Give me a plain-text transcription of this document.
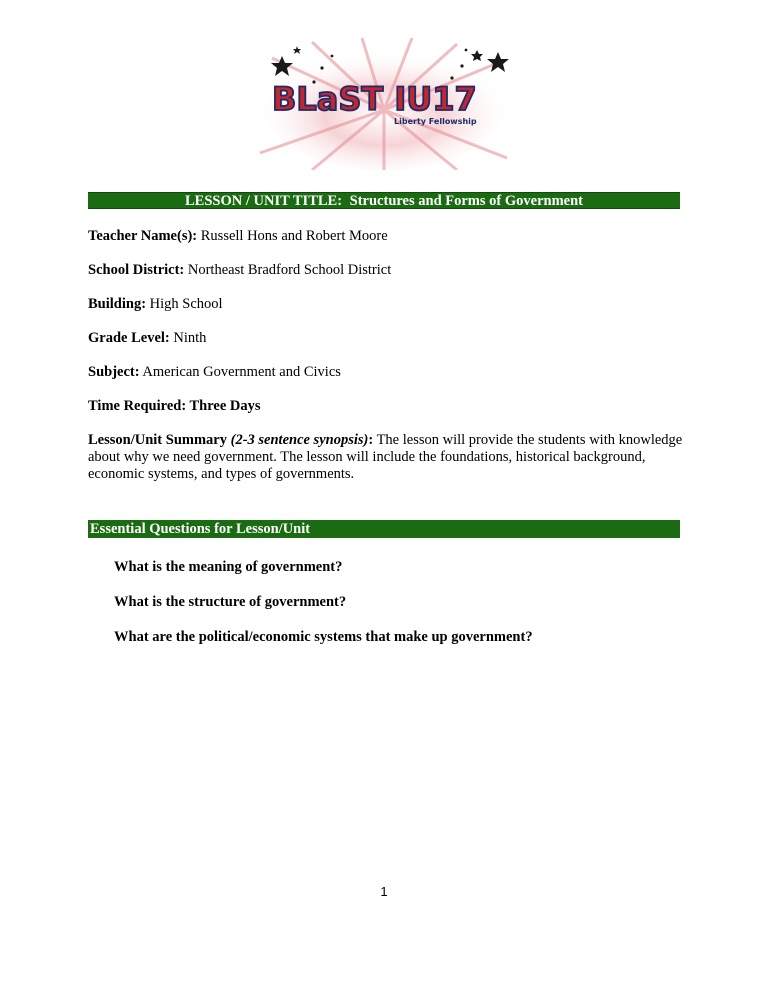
BLaST IU17
Liberty Fellowship
LESSON / UNIT TITLE: Structures and Forms of Government
Teacher Name(s): Russell Hons and Robert Moore
School District: Northeast Bradford School District
Building: High School
Grade Level: Ninth
Subject: American Government and Civics
Time Required: Three Days
Lesson/Unit Summary (2-3 sentence synopsis): The lesson will provide the students with knowledge about why we need government. The lesson will include the foundations, historical background, economic systems, and types of governments.
Essential Questions for Lesson/Unit
What is the meaning of government?
What is the structure of government?
What are the political/economic systems that make up government?
1
